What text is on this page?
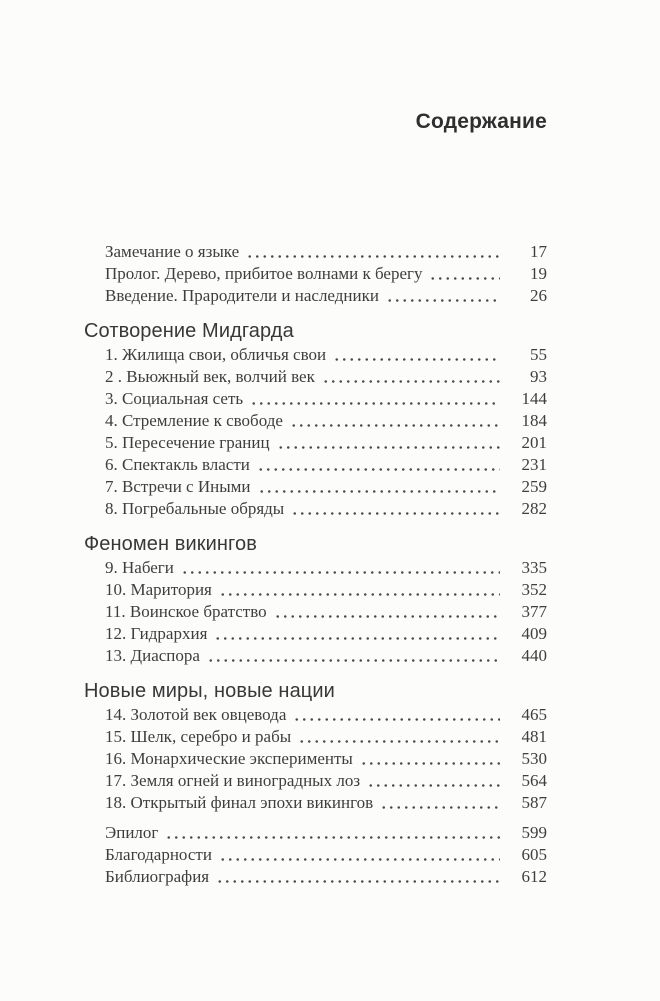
Содержание
Замечание о языке	17
Пролог. Дерево, прибитое волнами к берегу	19
Введение. Прародители и наследники	26
Сотворение Мидгарда
1. Жилища свои, обличья свои	55
2 . Вьюжный век, волчий век	93
3. Социальная сеть	144
4. Стремление к свободе	184
5. Пересечение границ	201
6. Спектакль власти	231
7. Встречи с Иными	259
8. Погребальные обряды	282
Феномен викингов
9. Набеги	335
10. Маритория	352
11. Воинское братство	377
12. Гидрархия	409
13. Диаспора	440
Новые миры, новые нации
14. Золотой век овцевода	465
15. Шелк, серебро и рабы	481
16. Монархические эксперименты	530
17. Земля огней и виноградных лоз	564
18. Открытый финал эпохи викингов	587
Эпилог	599
Благодарности	605
Библиография	612
